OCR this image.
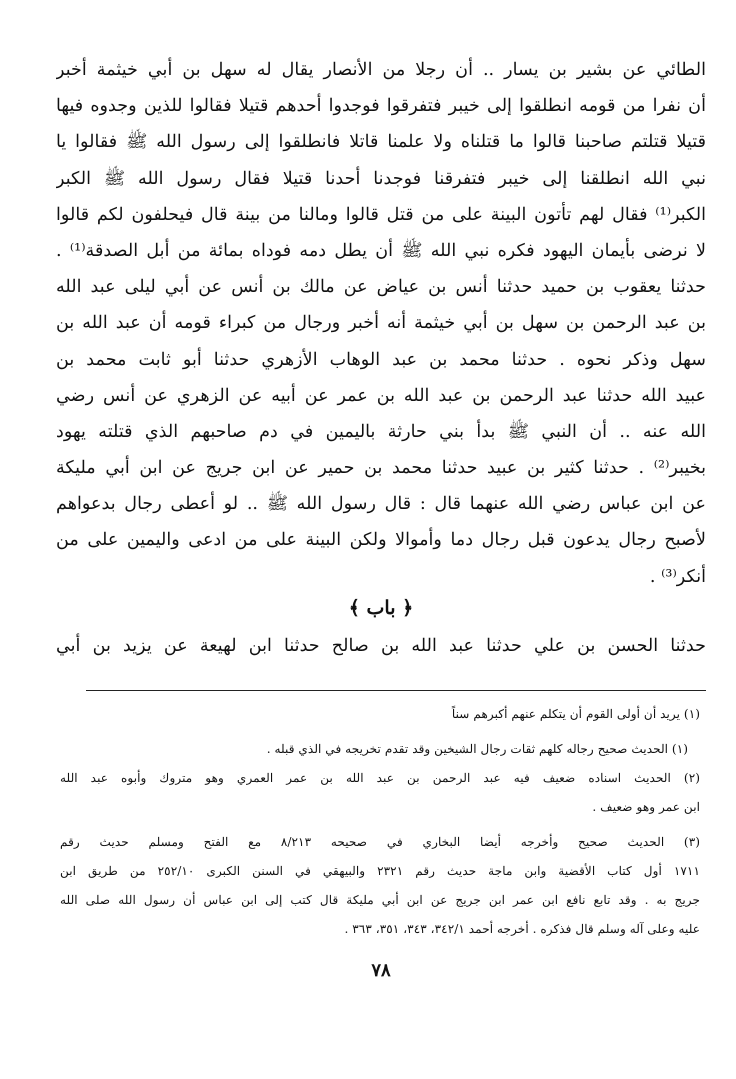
الطائي عن بشير بن يسار .. أن رجلا من الأنصار يقال له سهل بن أبي خيثمة أخبر
أن نفرا من قومه انطلقوا إلى خيبر فتفرقوا فوجدوا أحدهم قتيلا فقالوا للذين وجدوه فيها
قتيلا قتلتم صاحبنا قالوا ما قتلناه ولا علمنا قاتلا فانطلقوا إلى رسول الله ﷺ فقالوا يا
نبي الله انطلقنا إلى خيبر فتفرقنا فوجدنا أحدنا قتيلا فقال رسول الله ﷺ الكبر
الكبر⁽¹⁾ فقال لهم تأتون البينة على من قتل قالوا ومالنا من بينة قال فيحلفون لكم قالوا
لا نرضى بأيمان اليهود فكره نبي الله ﷺ أن يطل دمه فوداه بمائة من أبل الصدقة⁽¹⁾ .
حدثنا يعقوب بن حميد حدثنا أنس بن عياض عن مالك بن أنس عن أبي ليلى عبد الله
بن عبد الرحمن بن سهل بن أبي خيثمة أنه أخبر ورجال من كبراء قومه أن عبد الله بن
سهل وذكر نحوه . حدثنا محمد بن عبد الوهاب الأزهري حدثنا أبو ثابت محمد بن
عبيد الله حدثنا عبد الرحمن بن عبد الله بن عمر عن أبيه عن الزهري عن أنس رضي
الله عنه .. أن النبي ﷺ بدأ بني حارثة باليمين في دم صاحبهم الذي قتلته يهود
بخيبر⁽²⁾ . حدثنا كثير بن عبيد حدثنا محمد بن حمير عن ابن جريج عن ابن أبي مليكة
عن ابن عباس رضي الله عنهما قال : قال رسول الله ﷺ .. لو أعطى رجال بدعواهم
لأصبح رجال يدعون قبل رجال دما وأموالا ولكن البينة على من ادعى واليمين على من
أنكر⁽³⁾ .
﴿ باب ﴾
حدثنا الحسن بن علي حدثنا عبد الله بن صالح حدثنا ابن لهيعة عن يزيد بن أبي
(١) يريد أن أولى القوم أن يتكلم عنهم أكبرهم سناً
(١) الحديث صحيح رجاله كلهم ثقات رجال الشيخين وقد تقدم تخريجه في الذي قبله .
(٢) الحديث اسناده ضعيف فيه عبد الرحمن بن عبد الله بن عمر العمري وهو متروك وأبوه عبد الله
ابن عمر وهو ضعيف .
(٣) الحديث صحيح وأخرجه أيضا البخاري في صحيحه ٨/٢١٣ مع الفتح ومسلم حديث رقم
١٧١١ أول كتاب الأقضية وابن ماجة حديث رقم ٢٣٢١ والبيهقي في السنن الكبرى ٢٥٢/١٠ من طريق ابن
جريج به . وقد تابع نافع ابن عمر ابن جريج عن ابن أبي مليكة قال كتب إلى ابن عباس أن رسول الله صلى الله
عليه وعلى آله وسلم قال فذكره . أخرجه أحمد ٣٤٢/١، ٣٤٣، ٣٥١، ٣٦٣ .
٧٨
